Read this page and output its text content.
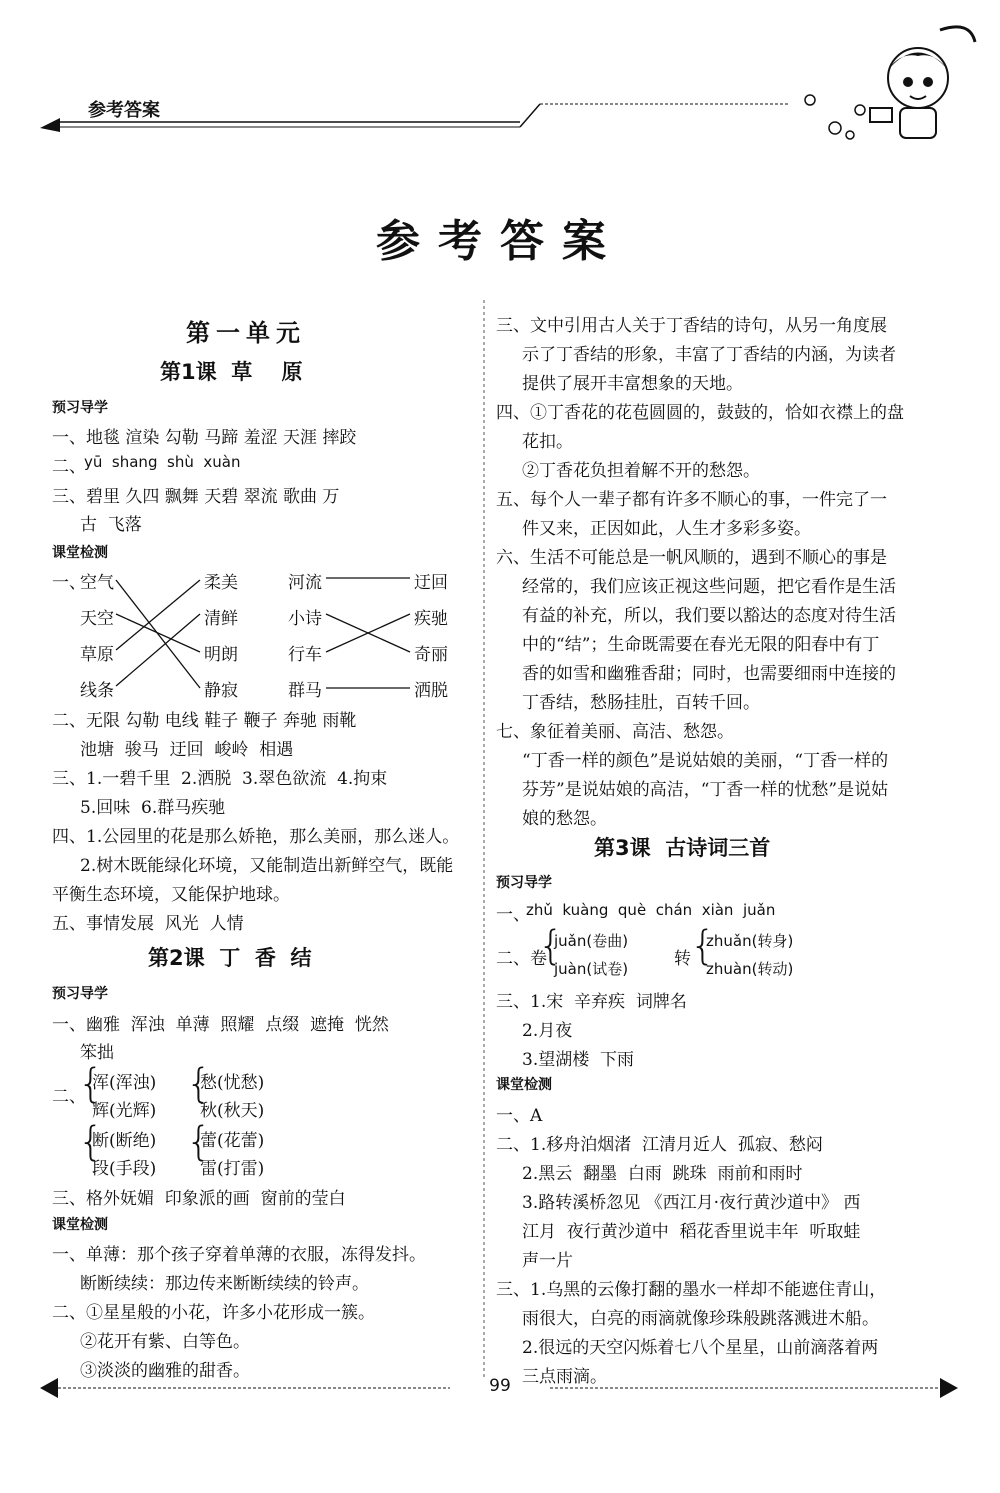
参考答案
参考答案
第一单元
第1课  草    原
预习导学
一、地毯 渲染 勾勒 马蹄 羞涩 天涯 摔跤
二、
yū  shang  shù  xuàn
三、碧里 久四 飘舞 天碧 翠流 歌曲 万
古  飞落
课堂检测
一、
空气
天空
草原
线条
柔美
清鲜
明朗
静寂
河流
小诗
行车
群马
迂回
疾驰
奇丽
洒脱
二、无限 勾勒 电线 鞋子 鞭子 奔驰 雨靴
池塘  骏马  迂回  峻岭  相遇
三、1.一碧千里  2.洒脱  3.翠色欲流  4.拘束
5.回味  6.群马疾驰
四、1.公园里的花是那么娇艳，那么美丽，那么迷人。
2.树木既能绿化环境，又能制造出新鲜空气，既能
平衡生态环境，又能保护地球。
五、事情发展  风光  人情
第2课  丁  香  结
预习导学
一、幽雅  浑浊  单薄  照耀  点缀  遮掩  恍然
笨拙
二、
{
浑(浑浊)
辉(光辉)
{
愁(忧愁)
秋(秋天)
{
断(断绝)
段(手段)
{
蕾(花蕾)
雷(打雷)
三、格外妩媚  印象派的画  窗前的莹白
课堂检测
一、单薄：那个孩子穿着单薄的衣服，冻得发抖。
断断续续：那边传来断断续续的铃声。
二、①星星般的小花，许多小花形成一簇。
②花开有紫、白等色。
③淡淡的幽雅的甜香。
三、文中引用古人关于丁香结的诗句，从另一角度展
示了丁香结的形象，丰富了丁香结的内涵，为读者
提供了展开丰富想象的天地。
四、①丁香花的花苞圆圆的，鼓鼓的，恰如衣襟上的盘
花扣。
②丁香花负担着解不开的愁怨。
五、每个人一辈子都有许多不顺心的事，一件完了一
件又来，正因如此，人生才多彩多姿。
六、生活不可能总是一帆风顺的，遇到不顺心的事是
经常的，我们应该正视这些问题，把它看作是生活
有益的补充，所以，我们要以豁达的态度对待生活
中的“结”；生命既需要在春光无限的阳春中有丁
香的如雪和幽雅香甜；同时，也需要细雨中连接的
丁香结，愁肠挂肚，百转千回。
七、象征着美丽、高洁、愁怨。
“丁香一样的颜色”是说姑娘的美丽，“丁香一样的
芬芳”是说姑娘的高洁，“丁香一样的忧愁”是说姑
娘的愁怨。
第3课  古诗词三首
预习导学
一、
zhǔ  kuàng  què  chán  xiàn  juǎn
二、卷
{
juǎn(卷曲)
juàn(试卷)	转 {
zhuǎn(转身)
zhuàn(转动)
三、1.宋  辛弃疾  词牌名
2.月夜
3.望湖楼  下雨
课堂检测
一、A
二、1.移舟泊烟渚  江清月近人  孤寂、愁闷
2.黑云  翻墨  白雨  跳珠  雨前和雨时
3.路转溪桥忽见 《西江月·夜行黄沙道中》 西
江月  夜行黄沙道中  稻花香里说丰年  听取蛙
声一片
三、1.乌黑的云像打翻的墨水一样却不能遮住青山，
雨很大，白亮的雨滴就像珍珠般跳落溅进木船。
2.很远的天空闪烁着七八个星星，山前滴落着两
三点雨滴。
99
